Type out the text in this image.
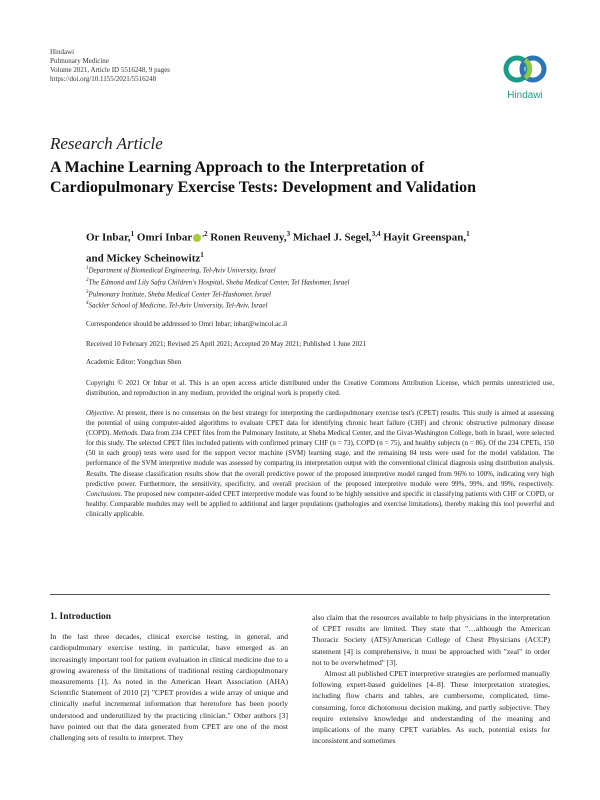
Hindawi
Pulmonary Medicine
Volume 2021, Article ID 5516248, 9 pages
https://doi.org/10.1155/2021/5516248
Hindawi
Research Article
A Machine Learning Approach to the Interpretation of
Cardiopulmonary Exercise Tests: Development and Validation
Or Inbar,$^1$ Omri Inbar $^{,2}$ Ronen Reuveny,$^3$ Michael J. Segel,$^{3,4}$ Hayit Greenspan,$^1$
and Mickey Scheinowitz$^1$
$^1$Department of Biomedical Engineering, Tel-Aviv University, Israel
$^2$The Edmond and Lily Safra Children's Hospital, Sheba Medical Center, Tel Hashomer, Israel
$^3$Pulmonary Institute, Sheba Medical Center Tel-Hashomer, Israel
$^4$Sackler School of Medicine, Tel-Aviv University, Tel-Aviv, Israel
Correspondence should be addressed to Omri Inbar; inbar@wincol.ac.il
Received 10 February 2021; Revised 25 April 2021; Accepted 20 May 2021; Published 1 June 2021
Academic Editor: Yongchun Shen
Copyright © 2021 Or Inbar et al. This is an open access article distributed under the Creative Commons Attribution License, which permits unrestricted use, distribution, and reproduction in any medium, provided the original work is properly cited.
Objective. At present, there is no consensus on the best strategy for interpreting the cardiopulmonary exercise test's (CPET) results. This study is aimed at assessing the potential of using computer-aided algorithms to evaluate CPET data for identifying chronic heart failure (CHF) and chronic obstructive pulmonary disease (COPD). Methods. Data from 234 CPET files from the Pulmonary Institute, at Sheba Medical Center, and the Givat-Washington College, both in Israel, were selected for this study. The selected CPET files included patients with confirmed primary CHF (n = 73), COPD (n = 75), and healthy subjects (n = 86). Of the 234 CPETs, 150 (50 in each group) tests were used for the support vector machine (SVM) learning stage, and the remaining 84 tests were used for the model validation. The performance of the SVM interpretive module was assessed by comparing its interpretation output with the conventional clinical diagnosis using distribution analysis. Results. The disease classification results show that the overall predictive power of the proposed interpretive model ranged from 96% to 100%, indicating very high predictive power. Furthermore, the sensitivity, specificity, and overall precision of the proposed interpretive module were 99%, 99%, and 99%, respectively. Conclusions. The proposed new computer-aided CPET interpretive module was found to be highly sensitive and specific in classifying patients with CHF or COPD, or healthy. Comparable modules may well be applied to additional and larger populations (pathologies and exercise limitations), thereby making this tool powerful and clinically applicable.
1. Introduction

In the last three decades, clinical exercise testing, in general, and cardiopulmonary exercise testing, in particular, have emerged as an increasingly important tool for patient evaluation in clinical medicine due to a growing awareness of the limitations of traditional resting cardiopulmonary measurements [1]. As noted in the American Heart Association (AHA) Scientific Statement of 2010 [2] "CPET provides a wide array of unique and clinically useful incremental information that heretofore has been poorly understood and underutilized by the practicing clinician." Other authors [3] have pointed out that the data generated from CPET are one of the most challenging sets of results to interpret. They

also claim that the resources available to help physicians in the interpretation of CPET results are limited. They state that "…although the American Thoracic Society (ATS)/American College of Chest Physicians (ACCP) statement [4] is comprehensive, it must be approached with "zeal" in order not to be overwhelmed" [3].

Almost all published CPET interpretive strategies are performed manually following expert-based guidelines [4–8]. These interpretation strategies, including flow charts and tables, are cumbersome, complicated, time-consuming, force dichotomous decision making, and partly subjective. They require extensive knowledge and understanding of the meaning and implications of the many CPET variables. As such, potential exists for inconsistent and sometimes
